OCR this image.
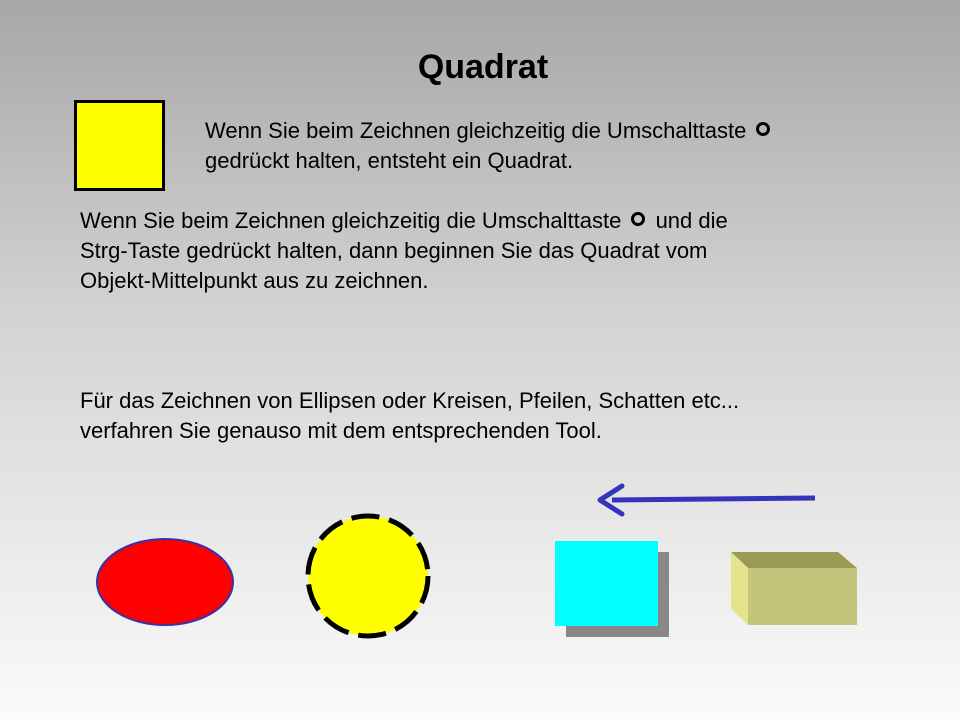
Quadrat
Wenn Sie beim Zeichnen gleichzeitig die Umschalttaste
gedrückt halten, entsteht ein Quadrat.
Wenn Sie beim Zeichnen gleichzeitig die Umschalttaste und die
Strg-Taste gedrückt halten, dann beginnen Sie das Quadrat vom
Objekt-Mittelpunkt aus zu zeichnen.
Für das Zeichnen von Ellipsen oder Kreisen, Pfeilen, Schatten etc...
verfahren Sie genauso mit dem entsprechenden Tool.
